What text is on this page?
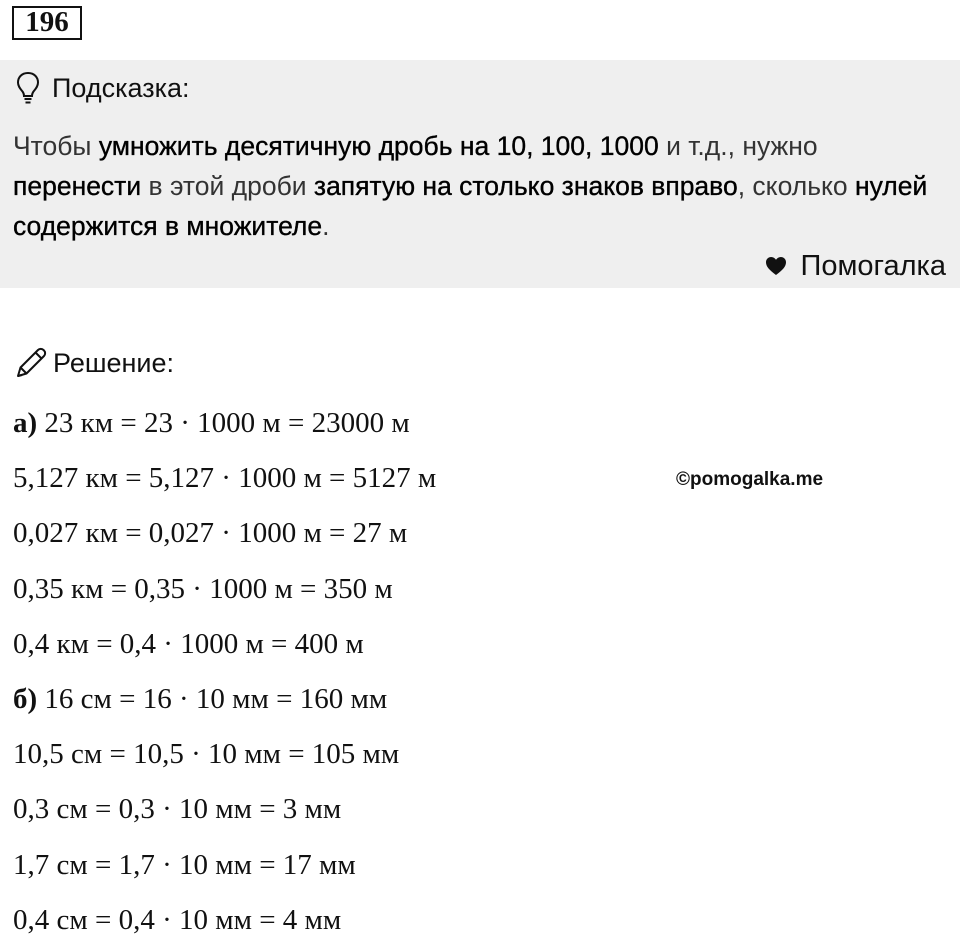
196
Подсказка:
Чтобы умножить десятичную дробь на 10, 100, 1000 и т.д., нужно перенести в этой дроби запятую на столько знаков вправо, сколько нулей содержится в множителе.
Помогалка
Решение:
©pomogalka.me
а) 23 км = 23 · 1000 м = 23000 м
5,127 км = 5,127 · 1000 м = 5127 м
0,027 км = 0,027 · 1000 м = 27 м
0,35 км = 0,35 · 1000 м = 350 м
0,4 км = 0,4 · 1000 м = 400 м
б) 16 см = 16 · 10 мм = 160 мм
10,5 см = 10,5 · 10 мм = 105 мм
0,3 см = 0,3 · 10 мм = 3 мм
1,7 см = 1,7 · 10 мм = 17 мм
0,4 см = 0,4 · 10 мм = 4 мм
